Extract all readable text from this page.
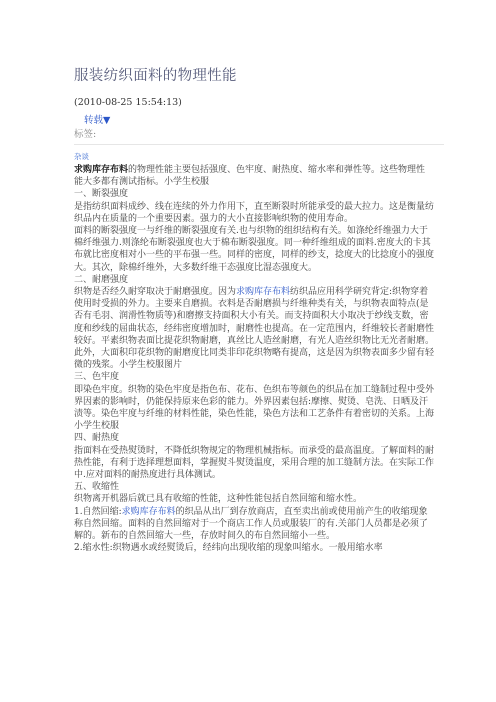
服装纺织面料的物理性能
(2010-08-25 15:54:13)
转载▼
标签:
杂谈

求购库存布料的物理性能主要包括强度、色牢度、耐热度、缩水率和弹性等。这些物理性能大多都有测试指标。小学生校服

一、断裂强度

是指纺织面料成纱、线在连续的外力作用下，直至断裂时所能承受的最大拉力。这是衡量纺织品内在质量的一个重要因素。强力的大小直接影响织物的使用寿命。

面料的断裂强度一与纤维的断裂强度有关.也与织物的组织结构有关。如涤纶纤维强力大于棉纤维强力.则涤纶布断裂强度也大于棉布断裂强度。同一种纤维组成的面料.密度大的卡其布就比密度相对小一些的平布强一些。同样的密度，同样的纱支，捻度大的比捻度小的强度大。其次，除棉纤维外，大多数纤维干态强度比湿态强度大。

二、耐磨强度

织物是否经久耐穿取决于耐磨强度。因为求购库存布料纺织品应用科学研究背定:织物穿着使用时受损的外力。主要来自磨损。衣料是否耐磨损与纤维种类有关，与织物表面特点(是否有毛羽、润滑性物质等)和磨擦支持面积大小有关。而支持面积大小取决于纱线支数，密度和纱线的屈曲状态，经纬密度增加时，耐磨性也提高。在一定范围内，纤维较长者耐磨性较好。平素织物表面比提花织物耐磨，真丝比人造丝耐磨，有光人造丝织物比无光者耐磨。此外，大面积印花织物的耐磨度比同类非印花织物略有提高，这是因为织物表面多少留有轻微的残浆。小学生校服图片

三、色牢度

即染色牢度。织物的染色牢度是指色布、花布、色织布等颜色的织品在加工缝制过程中受外界因素的影响时，仍能保持原来色彩的能力。外界因素包括:摩擦、熨烫、皂洗、日晒及汗渍等。染色牢度与纤维的材料性能，染色性能，染色方法和工艺条件有着密切的关系。上海小学生校服

四、耐热度

指面料在受热熨烫时，不降低织物规定的物理机械指标。而承受的最高温度。了解面料的耐热性能，有利于选择理想面料，掌握熨斗熨烫温度，采用合理的加工缝制方法。在实际工作中.应对面料的耐热度进行具体测试。

五、收缩性

织物离开机器后就已具有收缩的性能，这种性能包括自然回缩和缩水性。

1.自然回缩:求购库存布料的织品从出厂到存放商店，直至卖出前或使用前产生的收缩现象称自然回缩。面料的自然回缩对于一个商店工作人员或服装厂的有.关部门人员都是必须了解的。新布的自然回缩大一些，存放时间久的布自然回缩小一些。

2.缩水性:织物遇水或经熨烫后，经纬向出现收缩的现象叫缩水。一般用缩水率
